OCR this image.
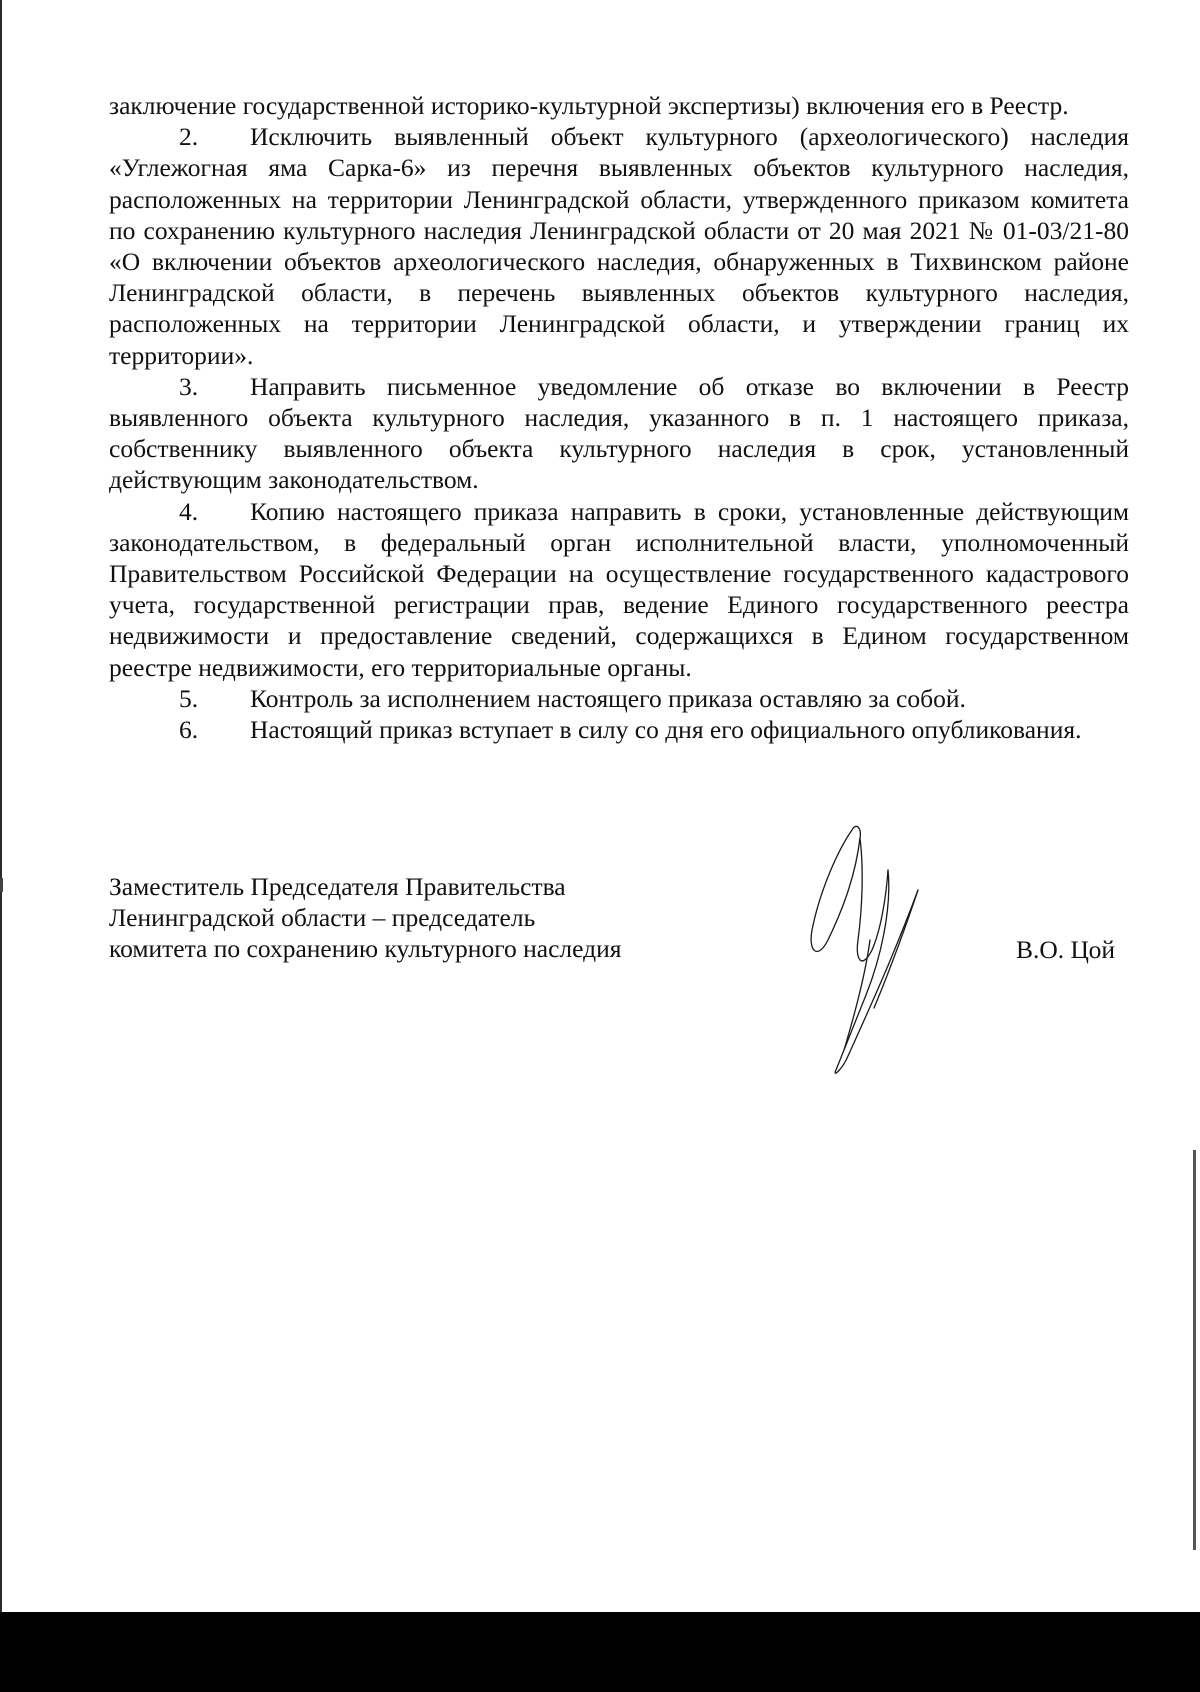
заключение государственной историко-культурной экспертизы) включения его в Реестр.

2. Исключить выявленный объект культурного (археологического) наследия «Углежогная яма Сарка-6» из перечня выявленных объектов культурного наследия, расположенных на территории Ленинградской области, утвержденного приказом комитета по сохранению культурного наследия Ленинградской области от 20 мая 2021 № 01-03/21-80 «О включении объектов археологического наследия, обнаруженных в Тихвинском районе Ленинградской области, в перечень выявленных объектов культурного наследия, расположенных на территории Ленинградской области, и утверждении границ их территории».

3. Направить письменное уведомление об отказе во включении в Реестр выявленного объекта культурного наследия, указанного в п. 1 настоящего приказа, собственнику выявленного объекта культурного наследия в срок, установленный действующим законодательством.

4. Копию настоящего приказа направить в сроки, установленные действующим законодательством, в федеральный орган исполнительной власти, уполномоченный Правительством Российской Федерации на осуществление государственного кадастрового учета, государственной регистрации прав, ведение Единого государственного реестра недвижимости и предоставление сведений, содержащихся в Едином государственном реестре недвижимости, его территориальные органы.

5. Контроль за исполнением настоящего приказа оставляю за собой.

6. Настоящий приказ вступает в силу со дня его официального опубликования.

Заместитель Председателя Правительства
Ленинградской области – председатель
комитета по сохранению культурного наследия	В.О. Цой
